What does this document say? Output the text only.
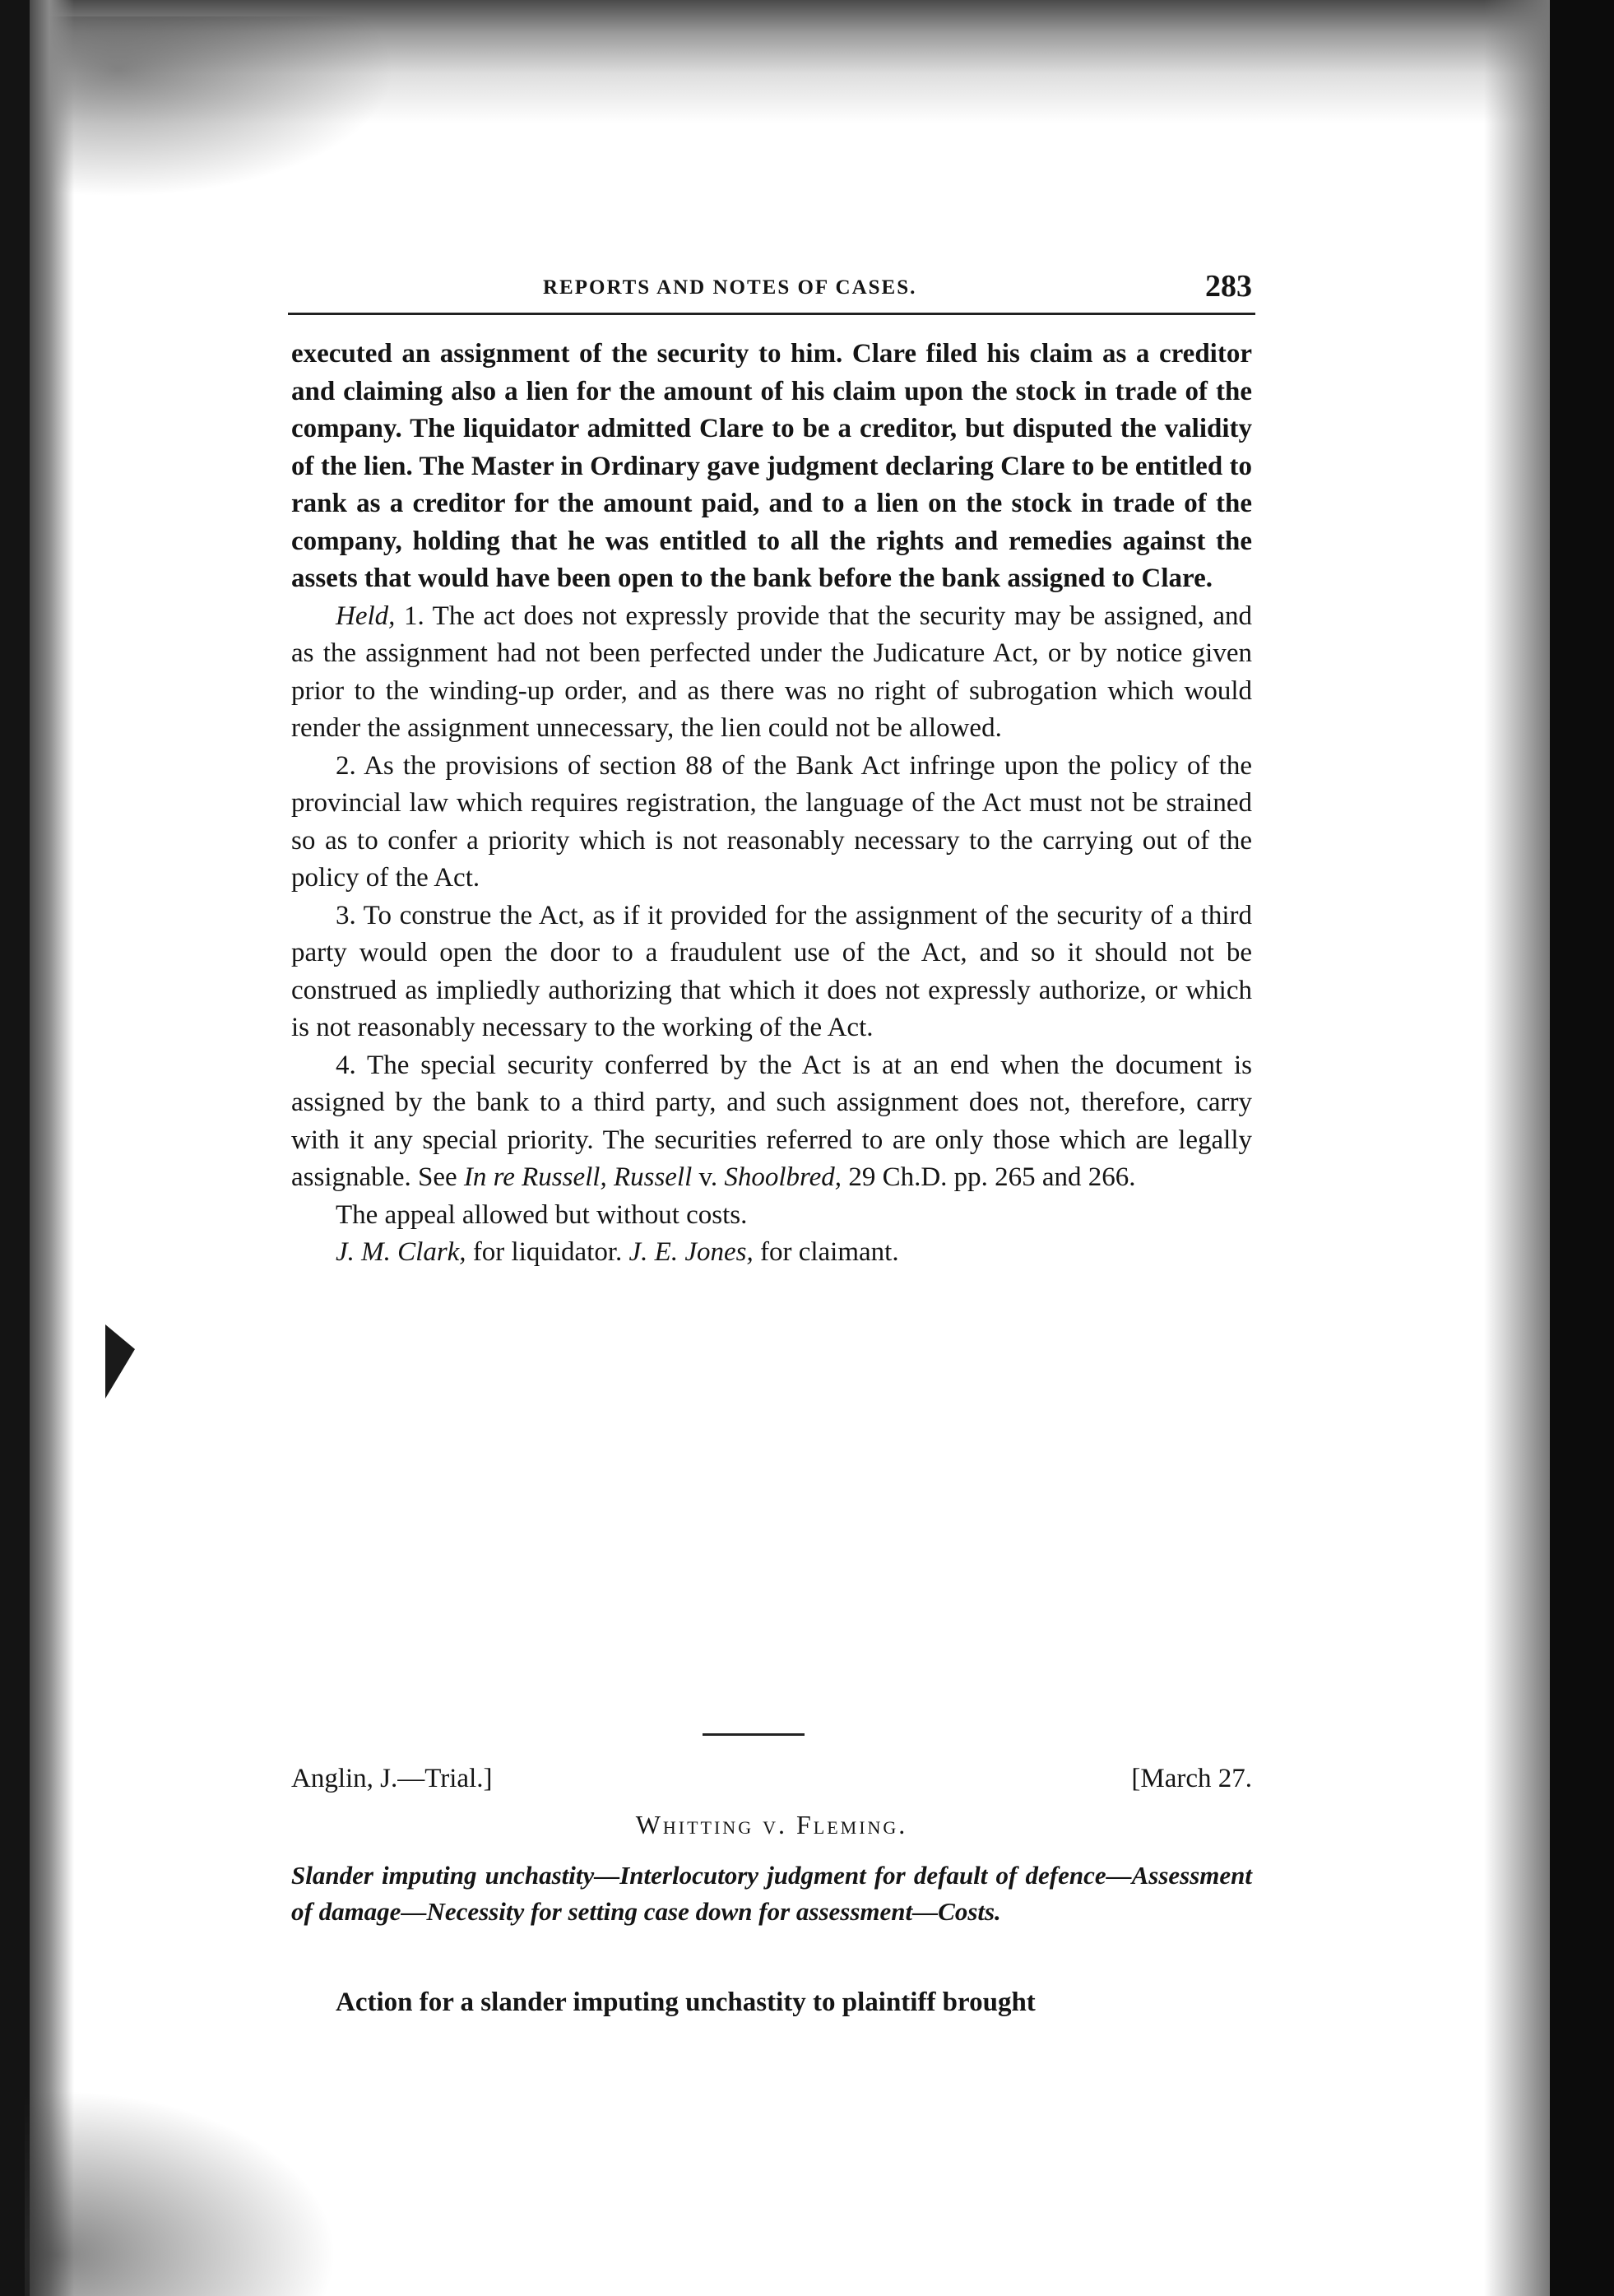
REPORTS AND NOTES OF CASES.	283

executed an assignment of the security to him. Clare filed his claim as a creditor and claiming also a lien for the amount of his claim upon the stock in trade of the company. The liquidator admitted Clare to be a creditor, but disputed the validity of the lien. The Master in Ordinary gave judgment declaring Clare to be entitled to rank as a creditor for the amount paid, and to a lien on the stock in trade of the company, holding that he was entitled to all the rights and remedies against the assets that would have been open to the bank before the bank assigned to Clare.

Held, 1. The act does not expressly provide that the security may be assigned, and as the assignment had not been perfected under the Judicature Act, or by notice given prior to the winding-up order, and as there was no right of subrogation which would render the assignment unnecessary, the lien could not be allowed.

2. As the provisions of section 88 of the Bank Act infringe upon the policy of the provincial law which requires registration, the language of the Act must not be strained so as to confer a priority which is not reasonably necessary to the carrying out of the policy of the Act.

3. To construe the Act, as if it provided for the assignment of the security of a third party would open the door to a fraudulent use of the Act, and so it should not be construed as impliedly authorizing that which it does not expressly authorize, or which is not reasonably necessary to the working of the Act.

4. The special security conferred by the Act is at an end when the document is assigned by the bank to a third party, and such assignment does not, therefore, carry with it any special priority. The securities referred to are only those which are legally assignable. See In re Russell, Russell v. Shoolbred, 29 Ch.D. pp. 265 and 266.

The appeal allowed but without costs.

J. M. Clark, for liquidator. J. E. Jones, for claimant.

Anglin, J.—Trial.]	[March 27.
Whitting v. Fleming.
Slander imputing unchastity—Interlocutory judgment for default of defence—Assessment of damage—Necessity for setting case down for assessment—Costs.
Action for a slander imputing unchastity to plaintiff brought
